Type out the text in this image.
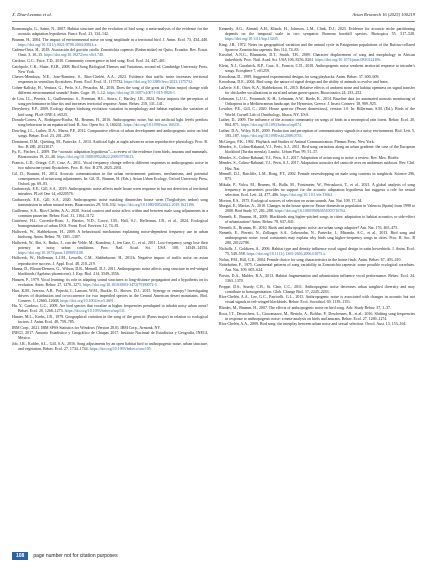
X. Díaz-Lezama et al.	Avian Research 16 (2025) 100219

Bosmanoglu, G., Saino, N., 2007. Habitat structure and the evolution of bird song: a meta-analysis of the evidence for the acoustic adaptation hypothesis. Funct. Ecol. 21, 134–142.

Brumm, H., 2004. The impact of environmental noise on song amplitude in a territorial bird. J. Anim. Ecol. 73, 434–440. https://doi.org/10.1111/j.0021-8790.2004.00814.x.

Cadena-Ortiz, H., 2018. Asociación del gorrión criollo Zonotrichia capensis (Emberizidae) en Quito, Ecuador. Rev. Ecuat. Ornit. 3, 10–15. https://doi.org/10.18272/reo.v0i3.740.

Cardoso, G.C., Price, T.D., 2010. Community convergence in bird song. Evol. Ecol. 24, 447–461.

Catchpole, C.K., Slater, P.J.B., 2008. Bird Song Biological Themes and Variations, second ed. Cambridge University Press, New York.

Chaves-Mendoza, N.E., Jose-Ramirez, S., Rios-Chelén, A.A., 2023. Evidence that traffic noise increases territorial responses in vermilion flycatchers. Front. Ecol. Evol. 11, 1175732. https://doi.org/10.3389/fevo.2023.1175732.

Cohen-Kalisky, H., Ventura, G., Perlo, S.J., Pesacdor, M., 2016. Does the song of the great tit (Parus major) change with different environmental sounds? Anim. Cogn. 19, 1–12. https://doi.org/10.1007/s10071-015-0926-1.

de Lira, I.L., Pereira, L., Guilhermino, S., Freeman, H.L., Sierra, J., Hartley, J.R., 2024. Noise impacts the perception of song performance in blue tits and increases territorial response. Anim. Behav. 210, 131–141.

Derryberry, E.P., 2009. Ecology shapes birdsong evolution: variation in morphology and habitat explains the variation of bird song. PLoS ONE 4, e6525.

Dorado-Correa, A., Rodriguez-Rocha, M., Brumm, H., 2016. Anthropogenic noise, but not artificial light levels predicts song behaviour in an equatorial bird. R. Soc. Open Sci. 3, 160231. https://doi.org/10.1098/rsos.160231.

Dowling, J.L., Luther, D.A., Marra, P.P., 2012. Comparative effects of urban development and anthropogenic noise on bird songs. Behav. Ecol. 23, 201–209.

Dominoni, D.M., Quetting, M., Partecke, J., 2013. Artificial light at night advances avian reproductive physiology. Proc. R. Soc. B 280, 20123017.

Ey, E., Fischer, J., 2009. The “acoustic adaptation hypothesis”—a review of the evidence from birds, anurans and mammals. Bioacoustics 19, 21–48. https://doi.org/10.1080/09524622.2009.9753613.

Francis, C.D., Ortega, C.P., Cruz, A., 2011. Vocal frequency change reflects different responses to anthropogenic noise in two suboscine tyrant flycatchers. Proc. R. Soc. B 278, 2025–2031.

Gil, D., Brumm, H., 2014. Acoustic communication in the urban environment: patterns, mechanisms, and potential consequences of avian song adjustments. In: Gil, D., Brumm, H. (Eds.), Avian Urban Ecology. Oxford University Press, Oxford, pp. 69–83.

Grabarczyk, E.E., Gill, S.A., 2019. Anthropogenic noise affects male house wren response to but not detection of territorial intruders. PLoS One 14, e0220576.

Grabarczyk, E.E., Gill, S.A., 2020. Anthropogenic noise masking diminishes house wren (Troglodytes aedon) song transmission in urban natural areas. Bioacoustics 29, 518–532. https://doi.org/10.1080/09524622.2019.1621196.

Guillermo, S.A., Ríos-Chelén, A.A., 2020. Social context and noise affect within and between male song adjustments in a common passerine. Behav. Ecol. 31, 1164–1172.

Gutiérrez, H.J., Corredor-Rozo, J., Barrios, N.D., Grove, J.M., Hall, S.J., Heffernan, J.B., et al., 2024. Ecological homogenization of urban USA. Front. Ecol. Environ. 12, 74–81.

Halfwerk, W., Slabbekoorn, H., 2009. A behavioural mechanism explaining noise-dependent frequency use in urban birdsong. Anim. Behav. 78, 1301–1307.

Halfwerk, W., Bot, S., Buikx, J., van der Velde, M., Komdeur, J., ten Cate, C., et al., 2011. Low-frequency songs lose their potency in noisy urban conditions. Proc. Natl. Acad. Sci. USA 108, 14549–14554. https://doi.org/10.1073/pnas.1109091108.

Halfwerk, W., Holleman, L.J.M., Lessells, C.M., Slabbekoorn, H., 2011b. Negative impact of traffic noise on avian reproductive success. J. Appl. Ecol. 48, 210–219.

Hanna, D., Blouin-Demers, G., Wilson, D.R., Mennill, D.J., 2011. Anthropogenic noise affects song structure in red-winged blackbirds (Agelaius phoeniceus). J. Exp. Biol. 214, 3549–3556.

Hansen, P., 1979. Vocal learning: its role in adapting sound structures to long-distance propagation and a hypothesis on its evolution. Anim. Behav. 27, 1270–1271. https://doi.org/10.1016/0003-3472(79)90072-5.

Hart, K.M., Ivereza, A.R., Pojnshi, I., Lanson, W.M., Buckle, D., Shover, D.J., 2015. Synergy or entropy? Investigating drivers of distribution and co-occurrence for two imperiled species in the Central American desert mountains. Biol. Conserv. 1, 12660–12668. https://doi.org/10.1002/ece3.4691.

Hu, Y., Cardoso, G.C., 2009. Are bird species that vocalize at higher frequencies preadapted to inhabit noisy urban areas? Behav. Ecol. 20, 1268–1273. https://doi.org/10.1093/beheco/arp131.

Hunter, M.L., Krebs, J.R., 1979. Geographical variation in the song of the great tit (Parus major) in relation to ecological factors. J. Anim. Ecol. 48, 759–785.

IBM Corp., 2021. IBM SPSS Statistics for Windows (Version 28.0). IBM Corp., Armonk, NY.

INEGI, 2017. Anuario Estadístico y Geográfico de Chiapas 2017. Instituto Nacional de Estadística y Geografía, INEGI, México.

Job, J.R., Kohler, S.L., Gill, S.A., 2016. Song adjustments by an open habitat bird to anthropogenic noise, urban structure, and vegetation. Behav. Ecol. 27, 1734–1744. https://doi.org/10.1093/beheco/arw105.

Kennedy, A.G., Ahmad, A.H., Klinck, H., Johnson, L.M., Clink, D.J., 2023. Evidence for acoustic niche partitioning depends on the temporal scale in two sympatric Bornean hornbill species. Biotropica 55, 517–528. https://doi.org/10.1111/btp.13205.

King, J.R., 1972. Notes on geographical variation and the annual cycle in Patagonian populations of the Rufous-collared Sparrow Zonotrichia capensis. Ibis 114, 74–83.

Kirschel, A.N.G., Blumstein, D.T., Smith, T.B., 2009. Character displacement of song and morphology in African tinkerbirds. Proc. Natl. Acad. Sci. USA 106, 8256–8261. https://doi.org/10.1073/pnas.0810124106.

Kleist, N.J., Guralnick, R.P., Cruz, A., Francis, C.D., 2018. Anthropogenic noise weakens territorial response to intruder's songs. Ecosphere 7, e01259.

Kroodsma, D., 1989. Suggested experimental designs for song playbacks. Anim. Behav. 37, 600–609.

Kroodsma, D.E., 2004. Bird song: the nature of signal design and the ability of animals to evolve and learn.

LaZerte, S.E., Otter, K.A., Slabbekoorn, H., 2015. Relative effects of ambient noise and habitat openness on signal transfer for chickadee vocalizations in rural and urban green-spaces. Bioacoustics 24, 233–252.

Lehmann, G.U.C., Frommolt, K.-H., Lehmann, A.W., Riede, K., 2014. Baseline data for automated acoustic monitoring of Orthoptera in a Mediterranean landscape, the Hymettos, Greece. J. Insect Conserv. 18, 909–925.

Lowther, P.E., Gill, C., 2020. House sparrow (Passer domesticus), version 1.0. In: Billerman, S.M. (Ed.), Birds of the World. Cornell Lab of Ornithology, Ithaca, NY, USA.

Luther, D., 2009. The influence of the acoustic community on songs of birds in a neotropical rain forest. Behav. Ecol. 20, 864–871. https://doi.org/10.1093/beheco/arp074.

Luther, D.A., Wiley, R.H., 2009. Production and perception of communicatory signals in a noisy environment. Biol. Lett. 5, 183–187. https://doi.org/10.1098/rsbl.2008.0733.

McGregor, P.K., 1992. Playback and Studies of Animal Communication. Plenum Press, New York.

Mendes, S., Colino-Rabanal, V.J., Peris, S.J., 2011. Bird song variations along an urban gradient: the case of the European blackbird (Turdus merula). Landsc. Urban Plan. 99, 51–57.

Mendes, S., Colino-Rabanal, V.J., Peris, S.J., 2017. Adaptation of avian song to noise: a review. Rev. Mex. Biodiv.

Mendes, S., Colino-Rabanal, V.J., Peris, S.J., 2017. Adaptation acoustics del canto de aves en ambientes ruidosos. Rev. Chil. Hist. Nat.

Mennill, D.J., Ratcliffe, L.M., Boag, P.T., 2002. Female eavesdropping on male song contests in songbirds. Science 296, 873.

Mikula, P., Valcu, M., Brumm, H., Bulla, M., Forstmeier, W., Petrusková, T., et al., 2021. A global analysis of song frequency in passerines provides no support for the acoustic adaptation hypothesis but suggests a role for sexual selection. Ecol. Lett. 24, 477–486. https://doi.org/10.1111/ele.13662.

Morton, E.S., 1975. Ecological sources of selection on avian sounds. Am. Nat. 109, 17–34.

Murgui, E., Macías, A., 2010. Changes in the house sparrow Passer domesticus population in Valencia (Spain) from 1998 to 2008. Bird Study 57, 281–288. https://doi.org/10.1080/00063651003716762.

Nemeth, E., Brumm, H., 2009. Blackbirds sing higher-pitched songs in cities: adaptation to habitat acoustics or side-effect of urbanization? Anim. Behav. 78, 637–641.

Nemeth, E., Brumm, H., 2010. Birds and anthropogenic noise: are urban songs adaptive? Am. Nat. 176, 465–475.

Nemeth, E., Pieretti, N., Zollinger, S.A., Geberzahn, N., Partecke, J., Miranda, A.C., et al., 2013. Bird song and anthropogenic noise: vocal constraints may explain why birds sing higher-frequency songs in cities. Proc. R. Soc. B 280, 20122798.

Nicholls, J., Goldizen, A., 2006. Habitat type and density influence vocal signal design in satin bowerbirds. J. Anim. Ecol. 75, 549–558. https://doi.org/10.1111/j.1365-2656.2006.01075.x.

Nolan, P.M., Hill, G.E., 2004. Female choice for song characteristics in the house finch. Anim. Behav. 67, 403–410.

Nottebohm, F., 1975. Continental patterns of song variability in Zonotrichia capensis: some possible ecological correlates. Am. Nat. 109, 605–624.

Potvin, D.A., Mulder, R.A., 2013. Habitat fragmentation and urbanization influence vocal performance. Behav. Ecol. 24, 1363–1370.

Proppe, D.S., Sturdy, C.B., St. Clair, C.C., 2011. Anthropogenic noise decreases urban songbird diversity and may contribute to homogenization. Glob. Change Biol. 17, 2245–2263.

Ríos-Chelén, A.A., Lee, G.C., Patricelli, G.L., 2015. Anthropogenic noise is associated with changes in acoustic but not visual signals in red-winged blackbirds. Behav. Ecol. Sociobiol. 69, 1139–1151.

Rhodes, M., Brumm, H., 2007. The effects of anthropogenic noise on bird song. Adv. Study Behav. 37, 1–37.

Roca, I.T., Desrochers, L., Giacomazzo, M., Bertolo, A., Bolduc, P., Deschesnes, R., et al., 2016. Shifting song frequencies in response to anthropogenic noise: a meta-analysis on birds and anurans. Behav. Ecol. 27, 1269–1274.

Ríos-Chelén, A.A., 2009. Bird song: the interplay between urban noise and sexual selection. Oecol. Aust. 13, 153–164.

108	page number not for citation purposes
